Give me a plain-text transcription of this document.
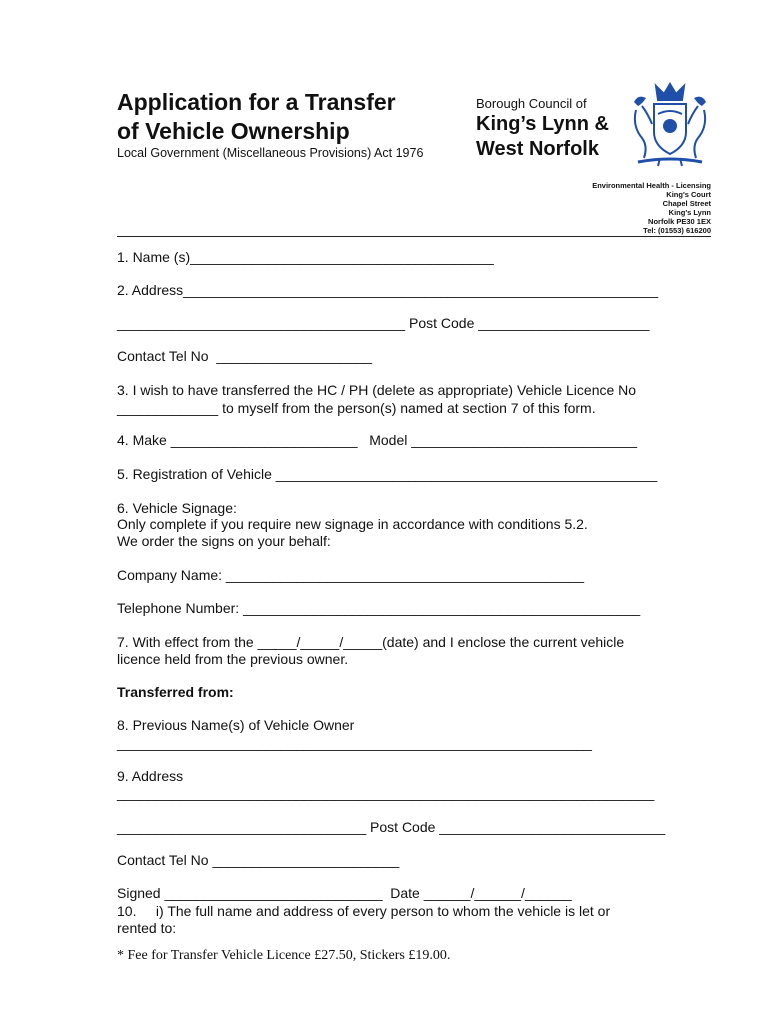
Application for a Transfer
of Vehicle Ownership

Local Government (Miscellaneous Provisions) Act 1976

Borough Council of
King’s Lynn &
West Norfolk
Environmental Health - Licensing
King's Court
Chapel Street
King's Lynn
Norfolk PE30 1EX
Tel: (01553) 616200

1. Name (s)_______________________________________

2. Address_____________________________________________________________

_____________________________________ Post Code ______________________

Contact Tel No  ____________________

3. I wish to have transferred the HC / PH (delete as appropriate) Vehicle Licence No

_____________ to myself from the person(s) named at section 7 of this form.

4. Make ________________________   Model _____________________________

5. Registration of Vehicle _________________________________________________

6. Vehicle Signage:

Only complete if you require new signage in accordance with conditions 5.2.

We order the signs on your behalf:

Company Name: ______________________________________________

Telephone Number: ___________________________________________________

7. With effect from the _____/_____/_____(date) and I enclose the current vehicle

licence held from the previous owner.

Transferred from:

8. Previous Name(s) of Vehicle Owner

_____________________________________________________________

9. Address

_____________________________________________________________________

________________________________ Post Code _____________________________

Contact Tel No ________________________

Signed ____________________________  Date ______/______/______

10.     i) The full name and address of every person to whom the vehicle is let or

rented to:

* Fee for Transfer Vehicle Licence £27.50, Stickers £19.00.
